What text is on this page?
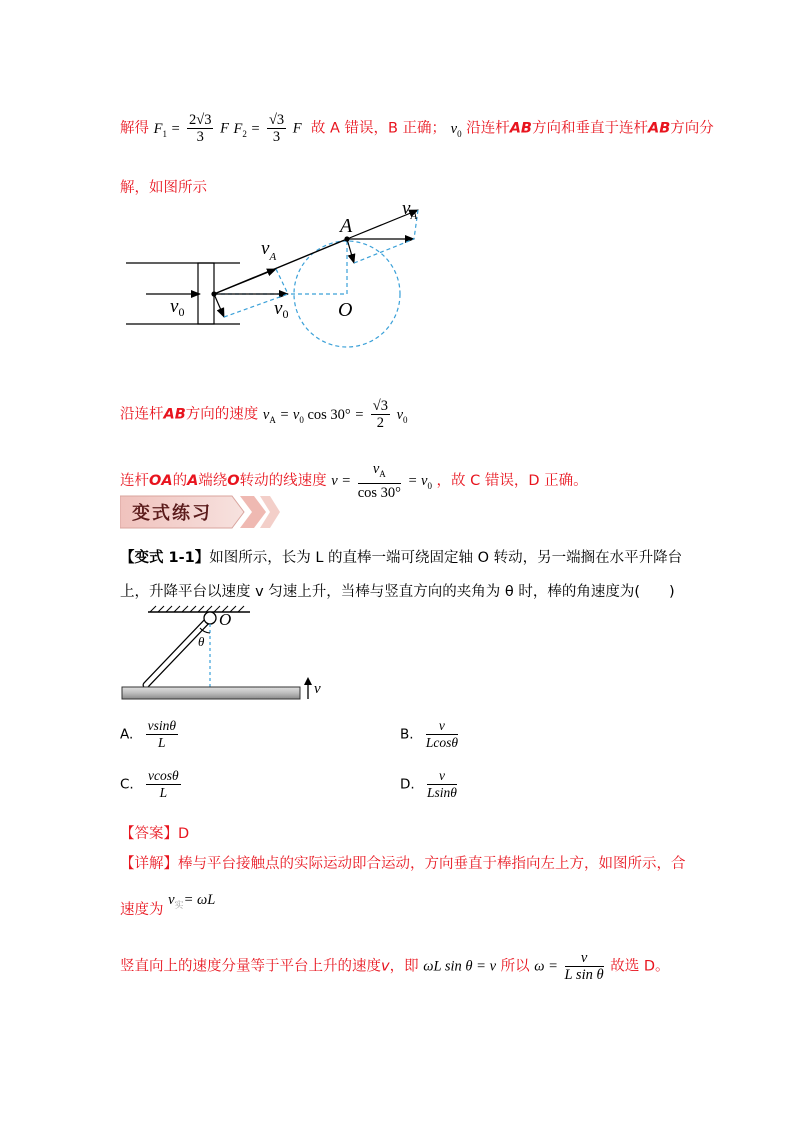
解得 $F_1 = \frac{2√3}{3}$ F $F_2 = \frac{√3}{3}$ F 故 A 错误，B 正确； $v_0$ 沿连杆AB方向和垂直于连杆AB方向分
解，如图所示
$v_0$
$v_A$
$v_0$
A
$v_A$
O
沿连杆AB方向的速度 $v_A = v_0$ $\cos 30^\circ = \frac{√3}{2} v_0$
连杆OA的A端绕O转动的线速度 $v = \frac{v_A}{\cos 30^\circ} = v_0$ ，故 C 错误，D 正确。
变式练习
【变式 1-1】如图所示，长为 L 的直棒一端可绕固定轴 O 转动，另一端搁在水平升降台
上，升降平台以速度 v 匀速上升，当棒与竖直方向的夹角为 θ 时，棒的角速度为(　　)
O
θ
v
A. $\frac{vsin\theta}{L}$	B. $\frac{v}{Lcos\theta}$
C. $\frac{vcos\theta}{L}$	D. $\frac{v}{Lsin\theta}$
【答案】D
【详解】棒与平台接触点的实际运动即合运动，方向垂直于棒指向左上方，如图所示，合
速度为 $v_实= \omega L$
竖直向上的速度分量等于平台上升的速度v，即 ωL sin θ = v 所以 $\omega = \frac{v}{\text{L sin θ}}$ 故选 D。
